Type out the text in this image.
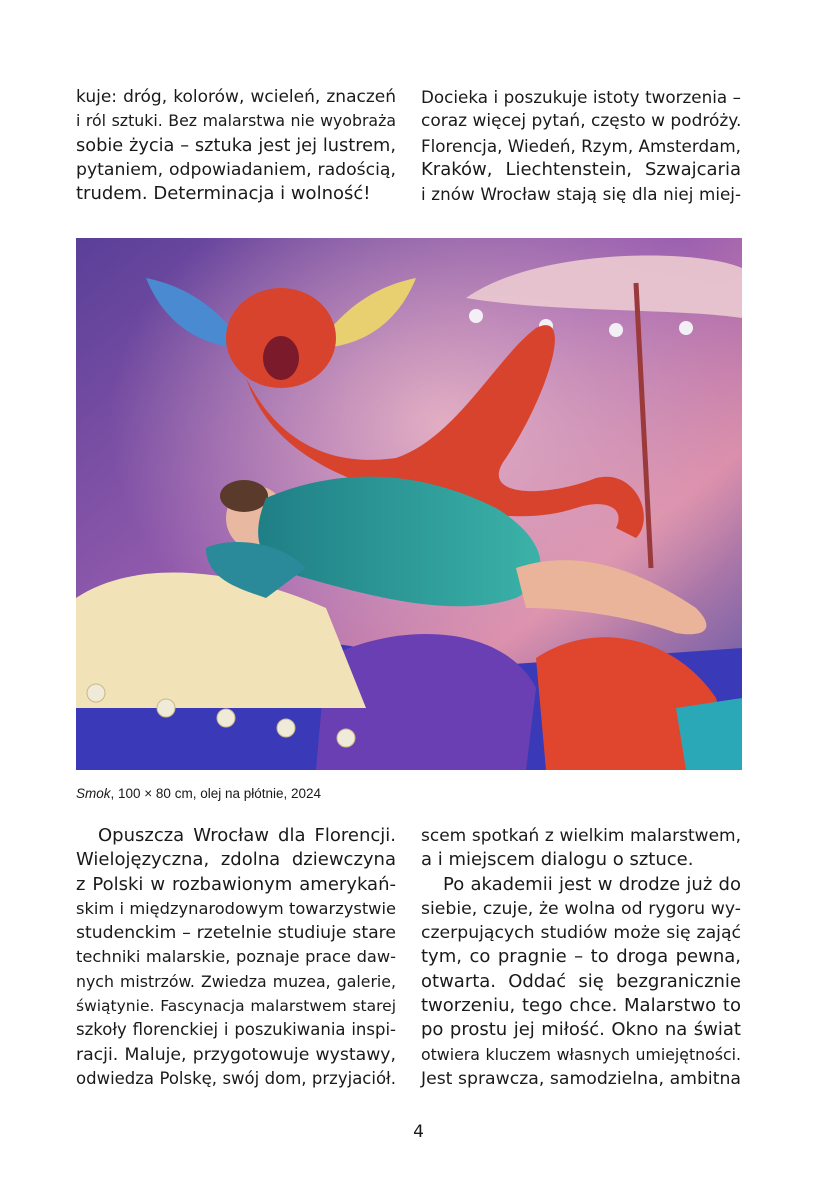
kuje: dróg, kolorów, wcieleń, znaczeń
i ról sztuki. Bez malarstwa nie wyobraża
sobie życia – sztuka jest jej lustrem,
pytaniem, odpowiadaniem, radością,
trudem. Determinacja i wolność!
Docieka i poszukuje istoty tworzenia –
coraz więcej pytań, często w podróży.
Florencja, Wiedeń, Rzym, Amsterdam,
Kraków, Liechtenstein, Szwajcaria
i znów Wrocław stają się dla niej miej-
Smok, 100 × 80 cm, olej na płótnie, 2024
Opuszcza Wrocław dla Florencji.
Wielojęzyczna, zdolna dziewczyna
z Polski w rozbawionym amerykań-
skim i międzynarodowym towarzystwie
studenckim – rzetelnie studiuje stare
techniki malarskie, poznaje prace daw-
nych mistrzów. Zwiedza muzea, galerie,
świątynie. Fascynacja malarstwem starej
szkoły florenckiej i poszukiwania inspi-
racji. Maluje, przygotowuje wystawy,
odwiedza Polskę, swój dom, przyjaciół.
scem spotkań z wielkim malarstwem,
a i miejscem dialogu o sztuce.
Po akademii jest w drodze już do
siebie, czuje, że wolna od rygoru wy-
czerpujących studiów może się zająć
tym, co pragnie – to droga pewna,
otwarta. Oddać się bezgranicznie
tworzeniu, tego chce. Malarstwo to
po prostu jej miłość. Okno na świat
otwiera kluczem własnych umiejętności.
Jest sprawcza, samodzielna, ambitna
4
